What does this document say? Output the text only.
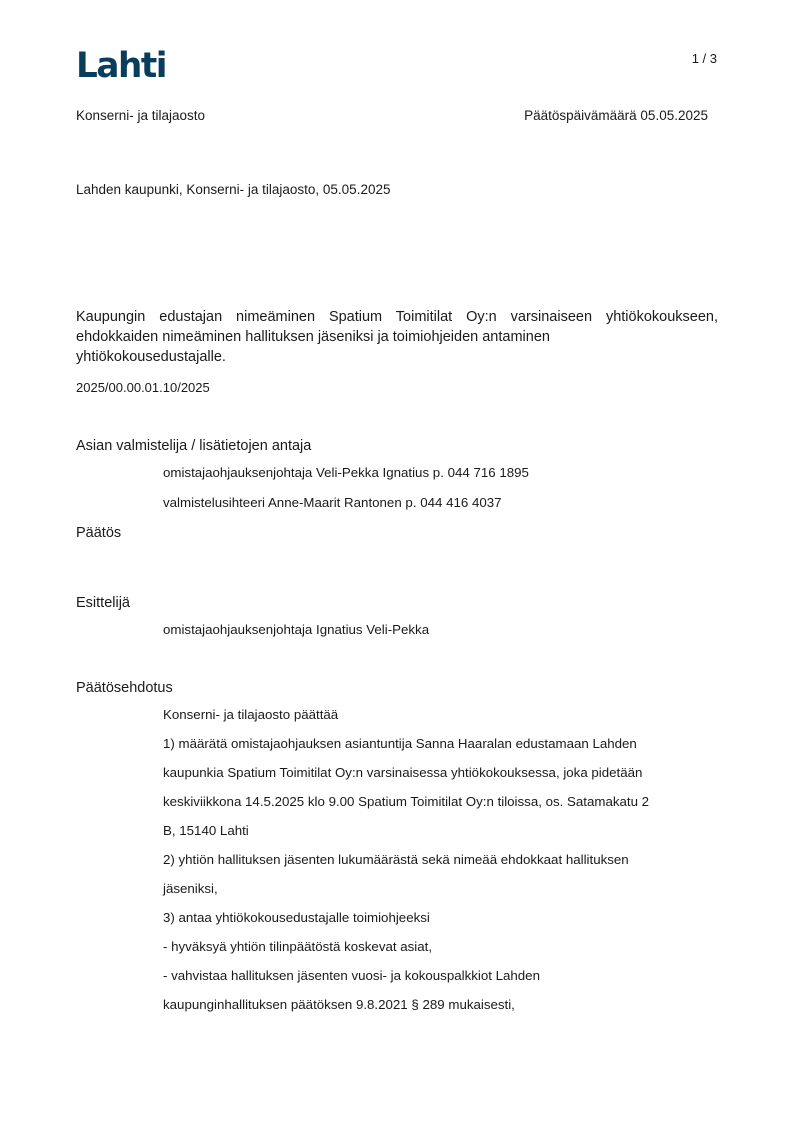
Lahti	1 / 3
Konserni- ja tilajaosto	Päätöspäivämäärä 05.05.2025
Lahden kaupunki, Konserni- ja tilajaosto, 05.05.2025
Kaupungin edustajan nimeäminen Spatium Toimitilat Oy:n varsinaiseen yhtiökokoukseen,
ehdokkaiden nimeäminen hallituksen jäseniksi ja toimiohjeiden antaminen
yhtiökokousedustajalle.
2025/00.00.01.10/2025
Asian valmistelija / lisätietojen antaja
omistajaohjauksenjohtaja Veli-Pekka Ignatius p. 044 716 1895
valmistelusihteeri Anne-Maarit Rantonen p. 044 416 4037
Päätös
Esittelijä
omistajaohjauksenjohtaja Ignatius Veli-Pekka
Päätösehdotus
Konserni- ja tilajaosto päättää
1) määrätä omistajaohjauksen asiantuntija Sanna Haaralan edustamaan Lahden
kaupunkia Spatium Toimitilat Oy:n varsinaisessa yhtiökokouksessa, joka pidetään
keskiviikkona 14.5.2025 klo 9.00 Spatium Toimitilat Oy:n tiloissa, os. Satamakatu 2
B, 15140 Lahti
2) yhtiön hallituksen jäsenten lukumäärästä sekä nimeää ehdokkaat hallituksen
jäseniksi,
3) antaa yhtiökokousedustajalle toimiohjeeksi
- hyväksyä yhtiön tilinpäätöstä koskevat asiat,
- vahvistaa hallituksen jäsenten vuosi- ja kokouspalkkiot Lahden
kaupunginhallituksen päätöksen 9.8.2021 § 289 mukaisesti,
